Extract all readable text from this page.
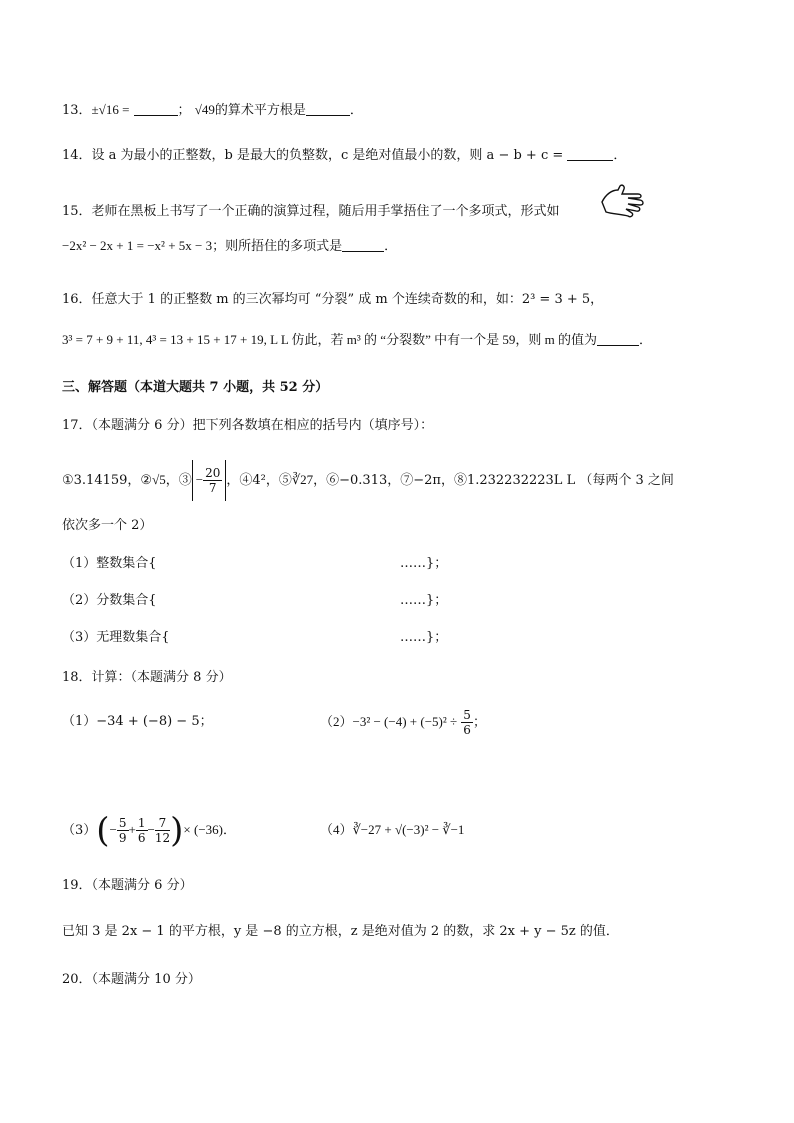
13．±√16 =	； √49的算术平方根是	．
14．设 a 为最小的正整数，b 是最大的负整数，c 是绝对值最小的数，则 a − b + c =	．
15．老师在黑板上书写了一个正确的演算过程，随后用手掌捂住了一个多项式，形式如
−2x² − 2x + 1 = −x² + 5x − 3；则所捂住的多项式是	．
16．任意大于 1 的正整数 m 的三次幂均可 “分裂” 成 m 个连续奇数的和，如：2³ = 3 + 5，
3³ = 7 + 9 + 11, 4³ = 13 + 15 + 17 + 19, L L 仿此，若 m³ 的 “分裂数” 中有一个是 59，则 m 的值为	．
三、解答题（本道大题共 7 小题，共 52 分）
17．（本题满分 6 分）把下列各数填在相应的括号内（填序号）：
①3.14159，②√5，③ − $\frac{20}{7}$ ，④4²，⑤∛27，⑥−0.313，⑦−2π，⑧1.232232223L L （每两个 3 之间
依次多一个 2）
（1）整数集合{	……}；
（2）分数集合{	……}；
（3）无理数集合{	……}；
18．计算：（本题满分 8 分）
（1）−34 + (−8) − 5；	$(2)-3^2 - (-4) + (-5)^2 \div \frac{5}{6}$ ；
$(3)(- \frac{5}{9} + \frac{1}{6} - \frac{7}{12}$ )× (−36)．	（4）∛−27 + √(−3)² − ∛−1
19．（本题满分 6 分）
已知 3 是 2x − 1 的平方根，y 是 −8 的立方根，z 是绝对值为 2 的数，求 2x + y − 5z 的值．
20．（本题满分 10 分）
